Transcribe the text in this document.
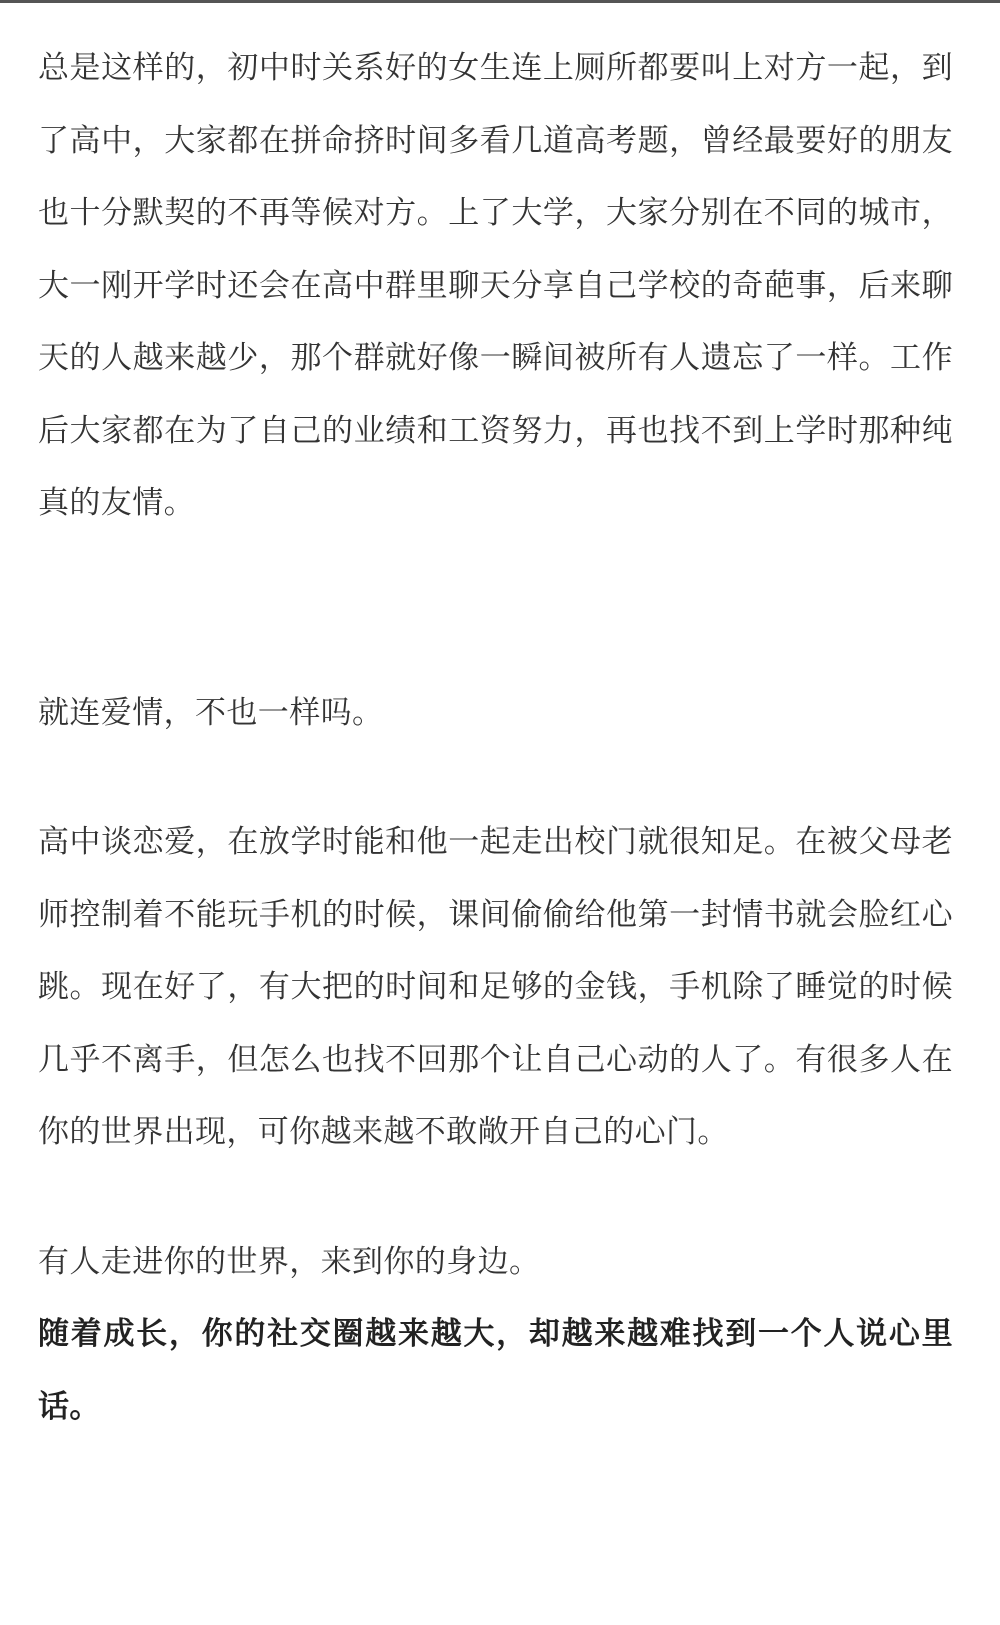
总是这样的，初中时关系好的女生连上厕所都要叫上对方一起，到了高中，大家都在拼命挤时间多看几道高考题，曾经最要好的朋友也十分默契的不再等候对方。上了大学，大家分别在不同的城市，大一刚开学时还会在高中群里聊天分享自己学校的奇葩事，后来聊天的人越来越少，那个群就好像一瞬间被所有人遗忘了一样。工作后大家都在为了自己的业绩和工资努力，再也找不到上学时那种纯真的友情。

就连爱情，不也一样吗。

高中谈恋爱，在放学时能和他一起走出校门就很知足。在被父母老师控制着不能玩手机的时候，课间偷偷给他第一封情书就会脸红心跳。现在好了，有大把的时间和足够的金钱，手机除了睡觉的时候几乎不离手，但怎么也找不回那个让自己心动的人了。有很多人在你的世界出现，可你越来越不敢敞开自己的心门。

有人走进你的世界，来到你的身边。

随着成长，你的社交圈越来越大，却越来越难找到一个人说心里话。
